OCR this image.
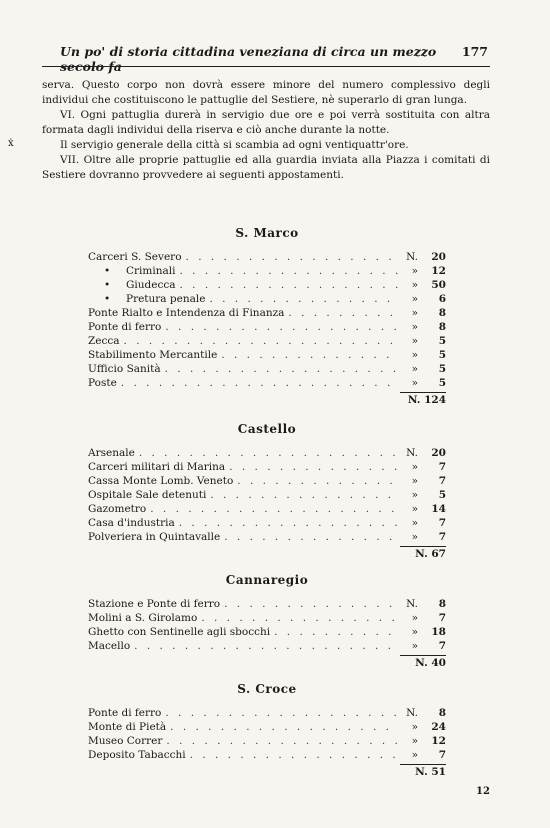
Un po' di storia cittadina veneziana di circa un mezzo secolo fa
177
ẋ

serva. Questo corpo non dovrà essere minore del numero complessivo degli individui che costituiscono le pattuglie del Sestiere, nè superarlo di gran lunga.

VI. Ogni pattuglia durerà in servigio due ore e poi verrà sostituita con altra formata dagli individui della riserva e ciò anche durante la notte.

Il servigio generale della città si scambia ad ogni ventiquattr'ore.

VII. Oltre alle proprie pattuglie ed alla guardia inviata alla Piazza i comitati di Sestiere dovranno provvedere ai seguenti appostamenti.

S. Marco
Carceri S. Severo . . .	N.	20
•	Criminali . . .	»	12
•	Giudecca . . .	»	50
•	Pretura penale . . .	»	6
Ponte Rialto e Intendenza di Finanza . . .	»	8
Ponte di ferro . . .	»	8
Zecca . . .	»	5
Stabilimento Mercantile . . .	»	5
Ufficio Sanità . . .	»	5
Poste . . .	»	5
N. 124
Castello
Arsenale . . .	N.	20
Carceri militari di Marina . . .	»	7
Cassa Monte Lomb. Veneto . . .	»	7
Ospitale Sale detenuti . . .	»	5
Gazometro . . .	»	14
Casa d'industria . . .	»	7
Polveriera in Quintavalle . . .	»	7
N. 67
Cannaregio
Stazione e Ponte di ferro . . .	N.	8
Molini a S. Girolamo . . .	»	7
Ghetto con Sentinelle agli sbocchi . . .	»	18
Macello . . .	»	7
N. 40
S. Croce
Ponte di ferro . . .	N.	8
Monte di Pietà . . .	»	24
Museo Correr . . .	»	12
Deposito Tabacchi . . .	»	7
N. 51
12
